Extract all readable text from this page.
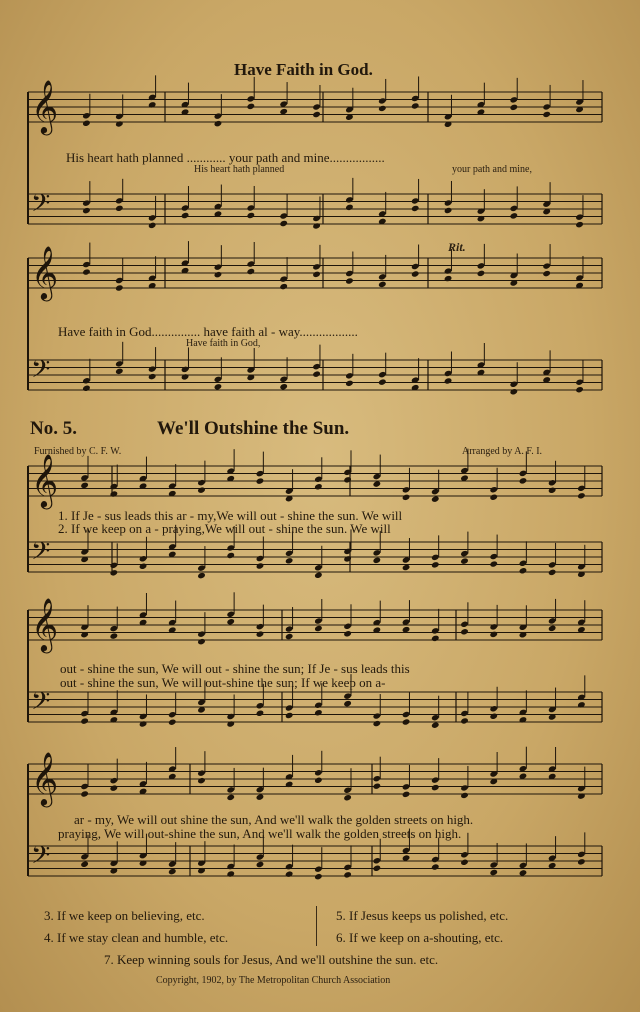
Have Faith in God.
𝄞
𝄢
𝄞
𝄢
𝄞
𝄢
𝄞
𝄢
𝄞
𝄢
His heart hath planned ............ your path and mine.................
His heart hath planned	your path and mine,
Rit.
Have faith in God............... have faith al - way..................
Have faith in God,
No. 5.	We'll Outshine the Sun.
Furnished by C. F. W.	Arranged by A. F. I.
1. If Je - sus leads this ar - my,We will out - shine the sun. We will
2. If we keep on a - praying,We will out - shine the sun. We will
out - shine the sun, We will out - shine the sun; If Je - sus leads this
out - shine the sun, We will out-shine the sun; If we keep on a-
ar - my, We will out shine the sun, And we'll walk the golden streets on high.
praying, We will out-shine the sun, And we'll walk the golden streets on high.
3. If we keep on believing, etc.
4. If we stay clean and humble, etc.
5. If Jesus keeps us polished, etc.
6. If we keep on a-shouting, etc.
7. Keep winning souls for Jesus, And we'll outshine the sun. etc.
Copyright, 1902, by The Metropolitan Church Association
